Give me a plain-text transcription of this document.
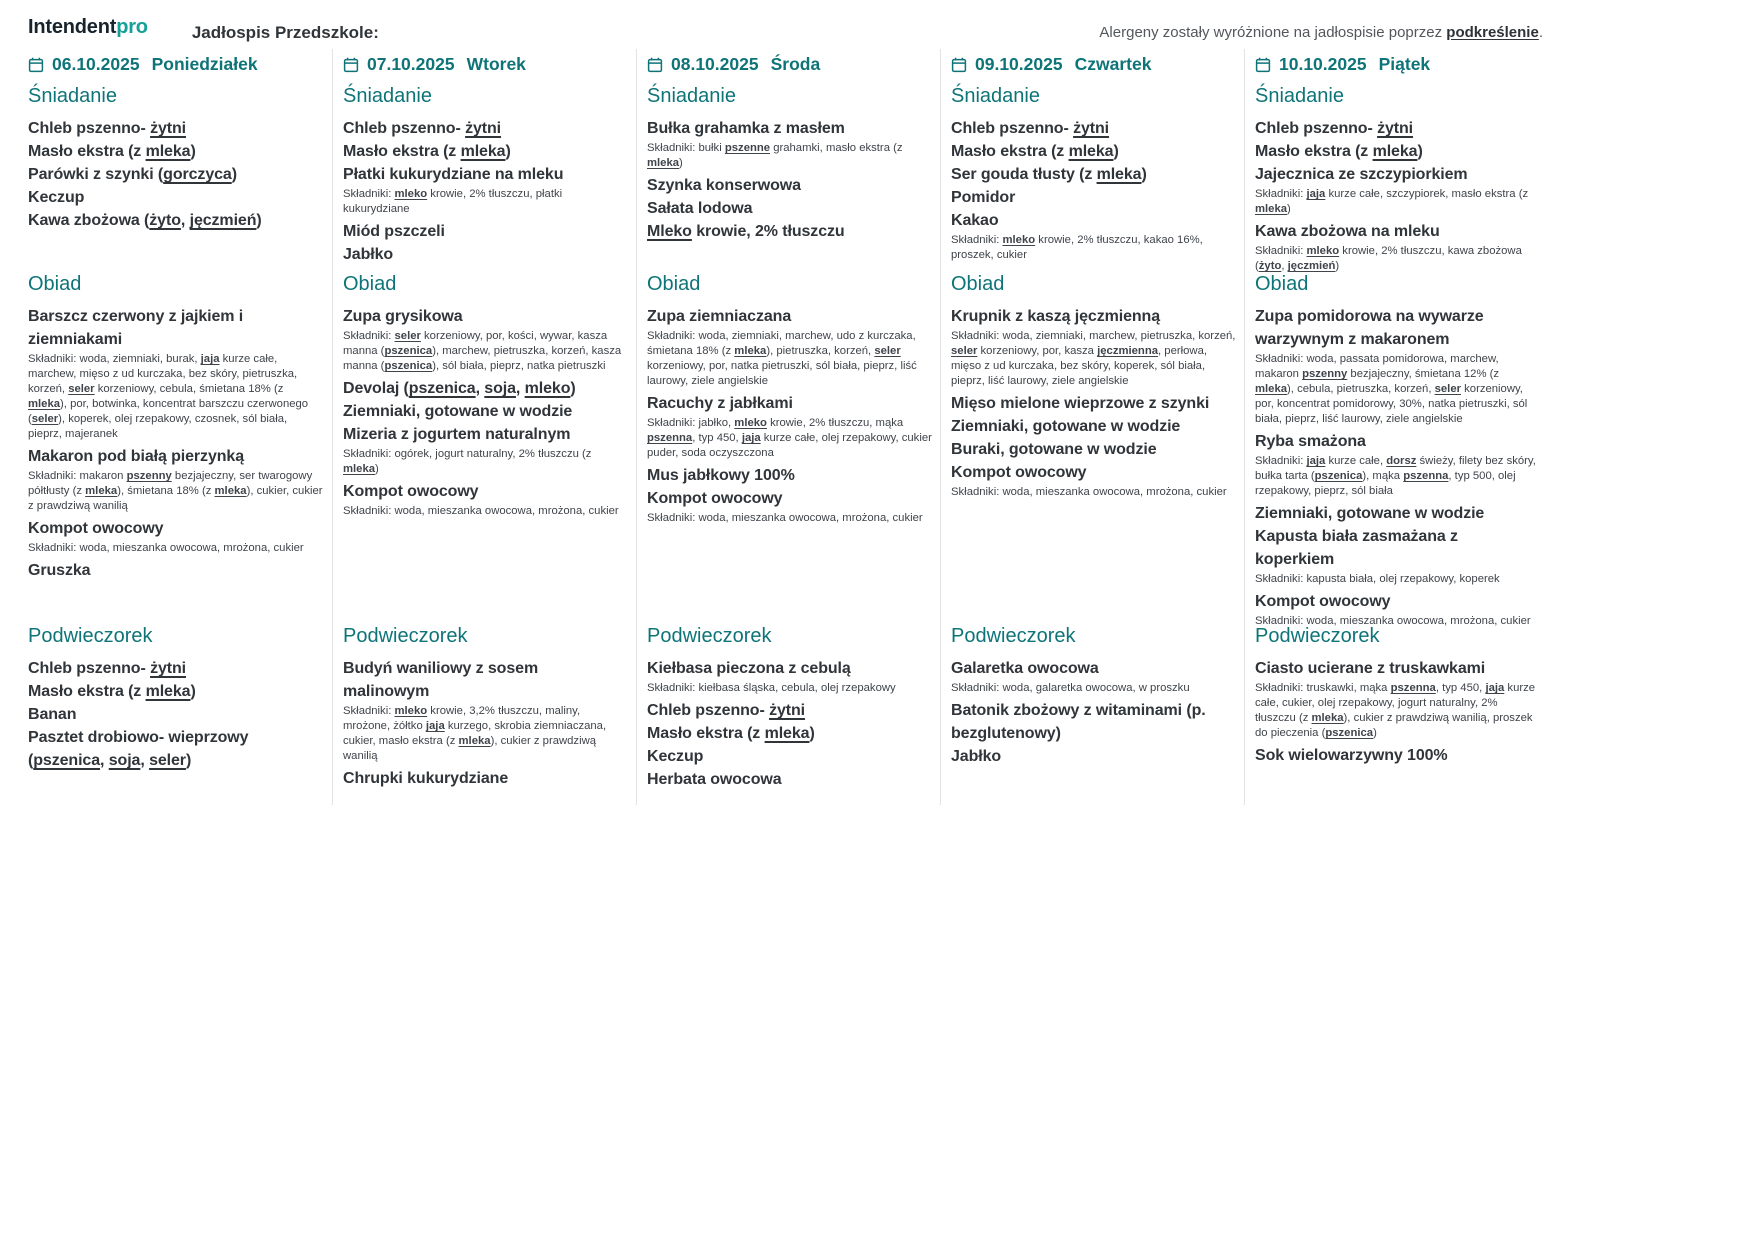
Intendentpro	Jadłospis Przedszkole:	Alergeny zostały wyróżnione na jadłospisie poprzez podkreślenie.

06.10.2025 Poniedziałek
Śniadanie
Chleb pszenno- żytni
Masło ekstra (z mleka)
Parówki z szynki (gorczyca)
Keczup
Kawa zbożowa (żyto, jęczmień)
Obiad
Barszcz czerwony z jajkiem i ziemniakami
Składniki: woda, ziemniaki, burak, jaja kurze całe, marchew, mięso z ud kurczaka, bez skóry, pietruszka, korzeń, seler korzeniowy, cebula, śmietana 18% (z mleka), por, botwinka, koncentrat barszczu czerwonego (seler), koperek, olej rzepakowy, czosnek, sól biała, pieprz, majeranek
Makaron pod białą pierzynką
Składniki: makaron pszenny bezjajeczny, ser twarogowy półtłusty (z mleka), śmietana 18% (z mleka), cukier, cukier z prawdziwą wanilią
Kompot owocowy
Składniki: woda, mieszanka owocowa, mrożona, cukier
Gruszka
Podwieczorek
Chleb pszenno- żytni
Masło ekstra (z mleka)
Banan
Pasztet drobiowo- wieprzowy (pszenica, soja, seler)
07.10.2025 Wtorek
Śniadanie
Chleb pszenno- żytni
Masło ekstra (z mleka)
Płatki kukurydziane na mleku
Składniki: mleko krowie, 2% tłuszczu, płatki kukurydziane
Miód pszczeli
Jabłko
Obiad
Zupa grysikowa
Składniki: seler korzeniowy, por, kości, wywar, kasza manna (pszenica), marchew, pietruszka, korzeń, kasza manna (pszenica), sól biała, pieprz, natka pietruszki
Devolaj (pszenica, soja, mleko)
Ziemniaki, gotowane w wodzie
Mizeria z jogurtem naturalnym
Składniki: ogórek, jogurt naturalny, 2% tłuszczu (z mleka)
Kompot owocowy
Składniki: woda, mieszanka owocowa, mrożona, cukier
Podwieczorek
Budyń waniliowy z sosem malinowym
Składniki: mleko krowie, 3,2% tłuszczu, maliny, mrożone, żółtko jaja kurzego, skrobia ziemniaczana, cukier, masło ekstra (z mleka), cukier z prawdziwą wanilią
Chrupki kukurydziane
08.10.2025 Środa
Śniadanie
Bułka grahamka z masłem
Składniki: bułki pszenne grahamki, masło ekstra (z mleka)
Szynka konserwowa
Sałata lodowa
Mleko krowie, 2% tłuszczu
Obiad
Zupa ziemniaczana
Składniki: woda, ziemniaki, marchew, udo z kurczaka, śmietana 18% (z mleka), pietruszka, korzeń, seler korzeniowy, por, natka pietruszki, sól biała, pieprz, liść laurowy, ziele angielskie
Racuchy z jabłkami
Składniki: jabłko, mleko krowie, 2% tłuszczu, mąka pszenna, typ 450, jaja kurze całe, olej rzepakowy, cukier puder, soda oczyszczona
Mus jabłkowy 100%
Kompot owocowy
Składniki: woda, mieszanka owocowa, mrożona, cukier
Podwieczorek
Kiełbasa pieczona z cebulą
Składniki: kiełbasa śląska, cebula, olej rzepakowy
Chleb pszenno- żytni
Masło ekstra (z mleka)
Keczup
Herbata owocowa
09.10.2025 Czwartek
Śniadanie
Chleb pszenno- żytni
Masło ekstra (z mleka)
Ser gouda tłusty (z mleka)
Pomidor
Kakao
Składniki: mleko krowie, 2% tłuszczu, kakao 16%, proszek, cukier
Obiad
Krupnik z kaszą jęczmienną
Składniki: woda, ziemniaki, marchew, pietruszka, korzeń, seler korzeniowy, por, kasza jęczmienna, perłowa, mięso z ud kurczaka, bez skóry, koperek, sól biała, pieprz, liść laurowy, ziele angielskie
Mięso mielone wieprzowe z szynki
Ziemniaki, gotowane w wodzie
Buraki, gotowane w wodzie
Kompot owocowy
Składniki: woda, mieszanka owocowa, mrożona, cukier
Podwieczorek
Galaretka owocowa
Składniki: woda, galaretka owocowa, w proszku
Batonik zbożowy z witaminami (p. bezglutenowy)
Jabłko
10.10.2025 Piątek
Śniadanie
Chleb pszenno- żytni
Masło ekstra (z mleka)
Jajecznica ze szczypiorkiem
Składniki: jaja kurze całe, szczypiorek, masło ekstra (z mleka)
Kawa zbożowa na mleku
Składniki: mleko krowie, 2% tłuszczu, kawa zbożowa (żyto, jęczmień)
Obiad
Zupa pomidorowa na wywarze warzywnym z makaronem
Składniki: woda, passata pomidorowa, marchew, makaron pszenny bezjajeczny, śmietana 12% (z mleka), cebula, pietruszka, korzeń, seler korzeniowy, por, koncentrat pomidorowy, 30%, natka pietruszki, sól biała, pieprz, liść laurowy, ziele angielskie
Ryba smażona
Składniki: jaja kurze całe, dorsz świeży, filety bez skóry, bułka tarta (pszenica), mąka pszenna, typ 500, olej rzepakowy, pieprz, sól biała
Ziemniaki, gotowane w wodzie
Kapusta biała zasmażana z koperkiem
Składniki: kapusta biała, olej rzepakowy, koperek
Kompot owocowy
Składniki: woda, mieszanka owocowa, mrożona, cukier
Podwieczorek
Ciasto ucierane z truskawkami
Składniki: truskawki, mąka pszenna, typ 450, jaja kurze całe, cukier, olej rzepakowy, jogurt naturalny, 2% tłuszczu (z mleka), cukier z prawdziwą wanilią, proszek do pieczenia (pszenica)
Sok wielowarzywny 100%
